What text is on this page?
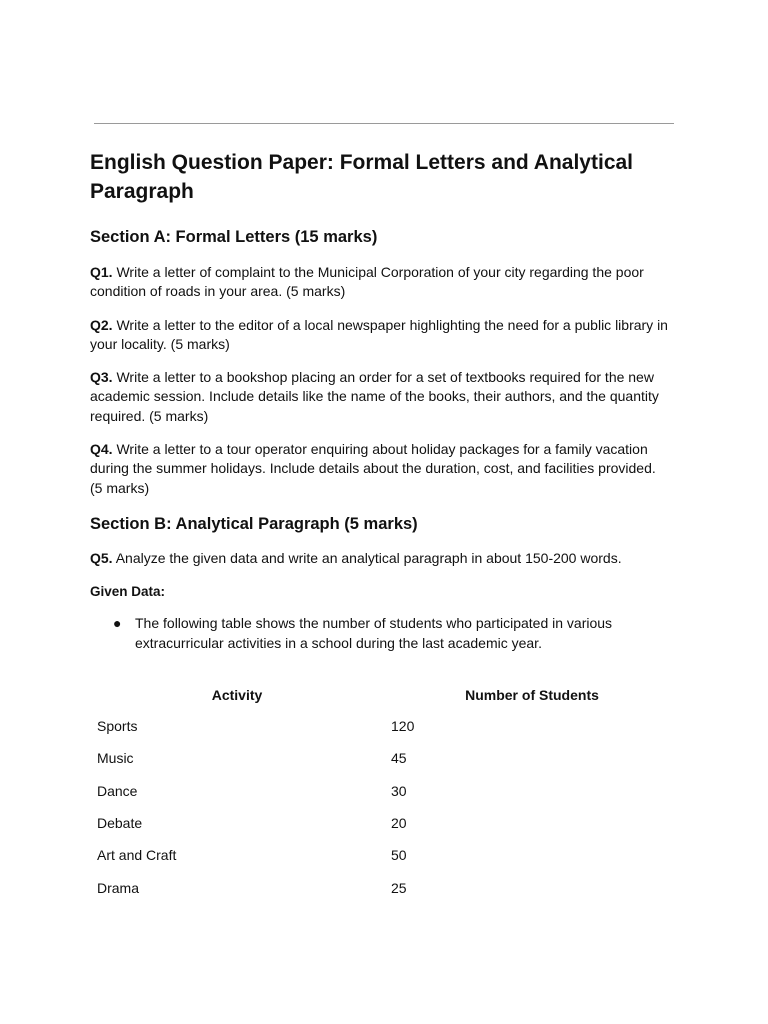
English Question Paper: Formal Letters and Analytical Paragraph
Section A: Formal Letters (15 marks)

Q1. Write a letter of complaint to the Municipal Corporation of your city regarding the poor condition of roads in your area. (5 marks)

Q2. Write a letter to the editor of a local newspaper highlighting the need for a public library in your locality. (5 marks)

Q3. Write a letter to a bookshop placing an order for a set of textbooks required for the new academic session. Include details like the name of the books, their authors, and the quantity required. (5 marks)

Q4. Write a letter to a tour operator enquiring about holiday packages for a family vacation during the summer holidays. Include details about the duration, cost, and facilities provided. (5 marks)

Section B: Analytical Paragraph (5 marks)

Q5. Analyze the given data and write an analytical paragraph in about 150-200 words.

Given Data:

● The following table shows the number of students who participated in various extracurricular activities in a school during the last academic year.
Activity	Number of Students
Sports	120
Music	45
Dance	30
Debate	20
Art and Craft	50
Drama	25
